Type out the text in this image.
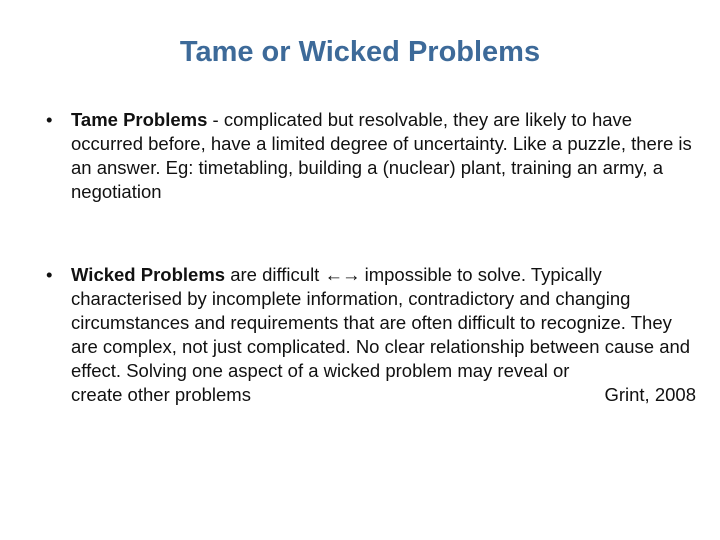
Tame or Wicked Problems
•	Tame Problems - complicated but resolvable, they are likely to have occurred before, have a limited degree of uncertainty. Like a puzzle, there is an answer. Eg: timetabling, building a (nuclear) plant, training an army, a negotiation
•	Wicked Problems are difficult ←→ impossible to solve. Typically characterised by incomplete information, contradictory and changing circumstances and requirements that are often difficult to recognize. They are complex, not just complicated. No clear relationship between cause and effect. Solving one aspect of a wicked problem may reveal or
create other problems	Grint, 2008
